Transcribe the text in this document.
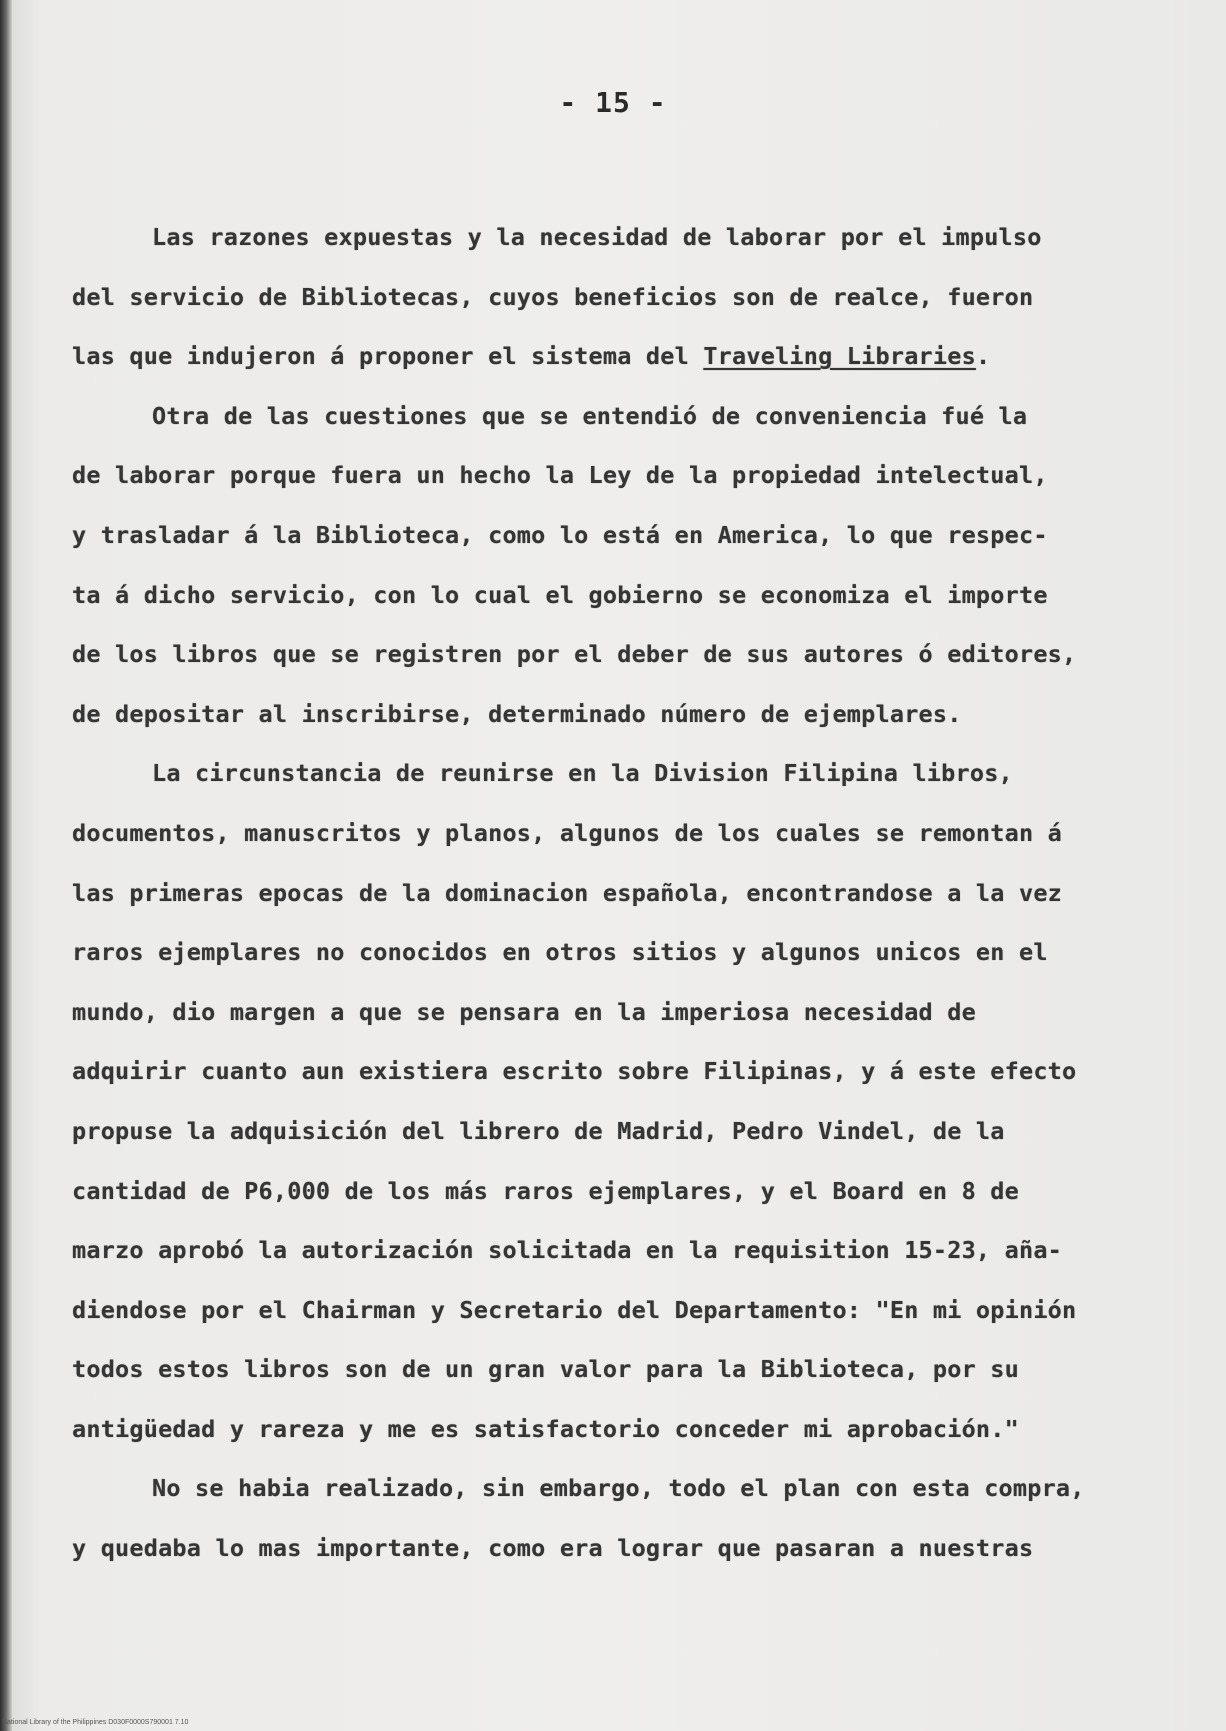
- 15 -
Las razones expuestas y la necesidad de laborar por el impulso
del servicio de Bibliotecas, cuyos beneficios son de realce, fueron
las que indujeron á proponer el sistema del Traveling Libraries.
Otra de las cuestiones que se entendió de conveniencia fué la
de laborar porque fuera un hecho la Ley de la propiedad intelectual,
y trasladar á la Biblioteca, como lo está en America, lo que respec-
ta á dicho servicio, con lo cual el gobierno se economiza el importe
de los libros que se registren por el deber de sus autores ó editores,
de depositar al inscribirse, determinado número de ejemplares.
La circunstancia de reunirse en la Division Filipina libros,
documentos, manuscritos y planos, algunos de los cuales se remontan á
las primeras epocas de la dominacion española, encontrandose a la vez
raros ejemplares no conocidos en otros sitios y algunos unicos en el
mundo, dio margen a que se pensara en la imperiosa necesidad de
adquirir cuanto aun existiera escrito sobre Filipinas, y á este efecto
propuse la adquisición del librero de Madrid, Pedro Vindel, de la
cantidad de P6,000 de los más raros ejemplares, y el Board en 8 de
marzo aprobó la autorización solicitada en la requisition 15-23, aña-
diendose por el Chairman y Secretario del Departamento: "En mi opinión
todos estos libros son de un gran valor para la Biblioteca, por su
antigüedad y rareza y me es satisfactorio conceder mi aprobación."
No se habia realizado, sin embargo, todo el plan con esta compra,
y quedaba lo mas importante, como era lograr que pasaran a nuestras
National Library of the Philippines D030F0000S790001 7.10
